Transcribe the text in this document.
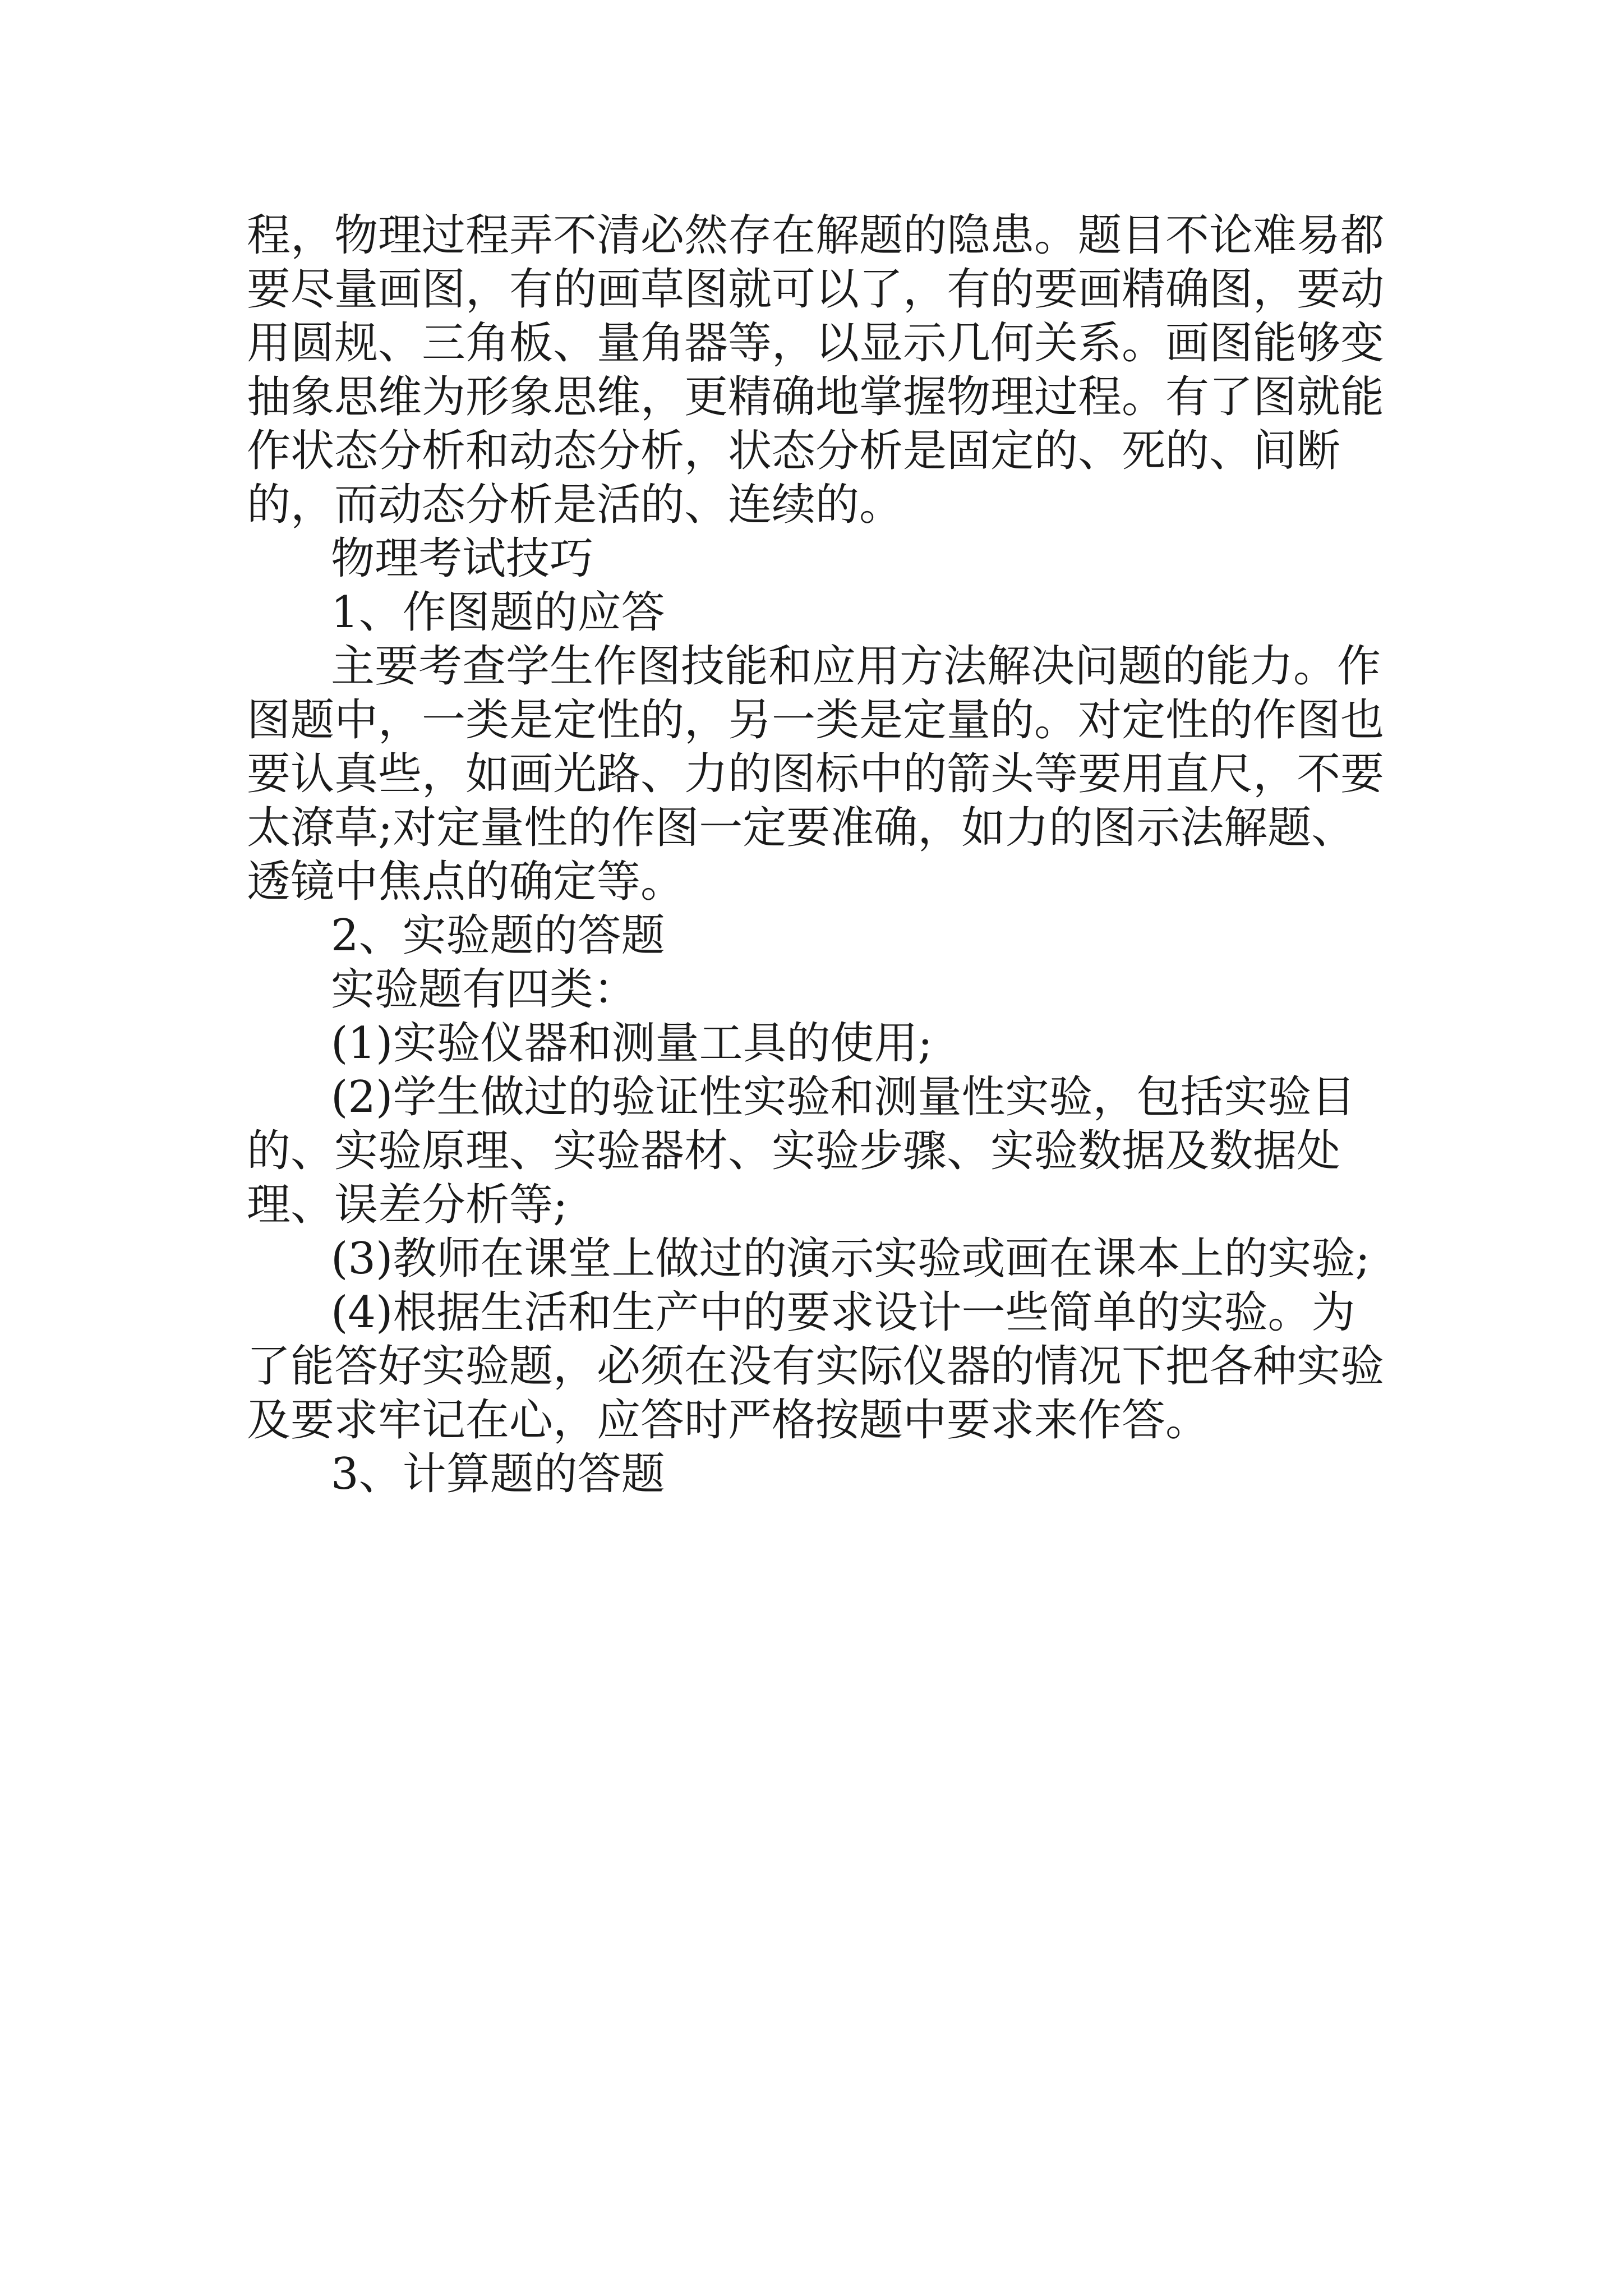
程，物理过程弄不清必然存在解题的隐患。题目不论难易都要尽量画图，有的画草图就可以了，有的要画精确图，要动用圆规、三角板、量角器等，以显示几何关系。画图能够变抽象思维为形象思维，更精确地掌握物理过程。有了图就能作状态分析和动态分析，状态分析是固定的、死的、间断的，而动态分析是活的、连续的。

物理考试技巧

1、作图题的应答

主要考查学生作图技能和应用方法解决问题的能力。作图题中，一类是定性的，另一类是定量的。对定性的作图也要认真些，如画光路、力的图标中的箭头等要用直尺，不要太潦草;对定量性的作图一定要准确，如力的图示法解题、透镜中焦点的确定等。

2、实验题的答题

实验题有四类：

(1)实验仪器和测量工具的使用;

(2)学生做过的验证性实验和测量性实验，包括实验目的、实验原理、实验器材、实验步骤、实验数据及数据处理、误差分析等;

(3)教师在课堂上做过的演示实验或画在课本上的实验;

(4)根据生活和生产中的要求设计一些简单的实验。为了能答好实验题，必须在没有实际仪器的情况下把各种实验及要求牢记在心，应答时严格按题中要求来作答。

3、计算题的答题
